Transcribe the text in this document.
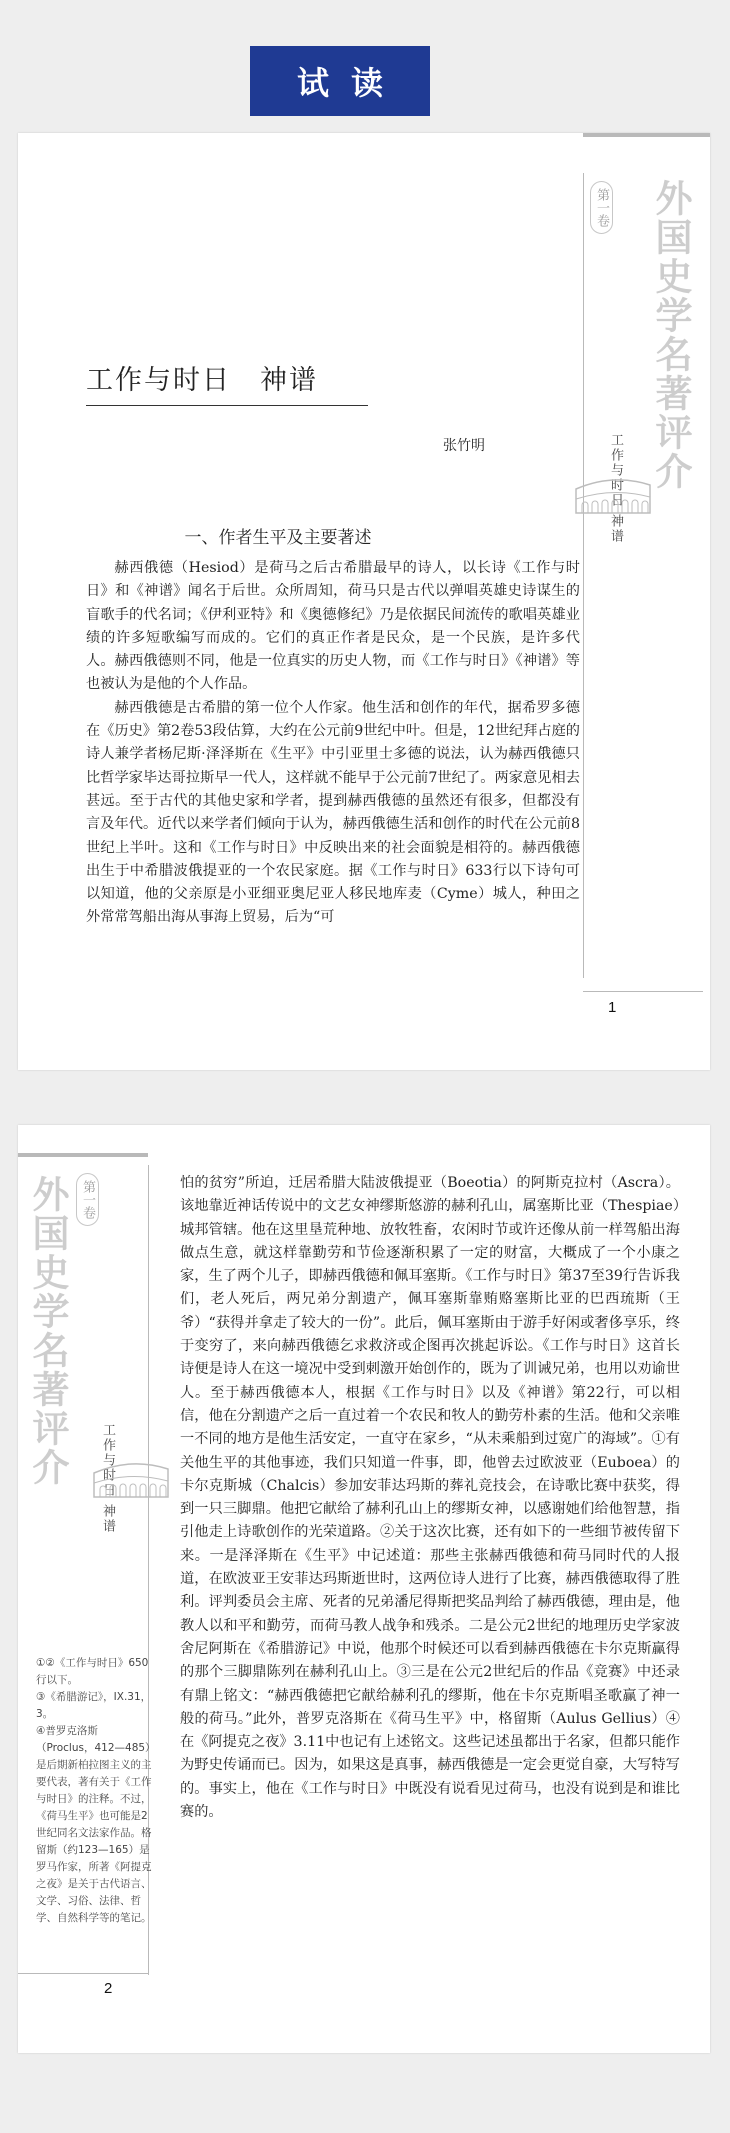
试读
第一卷 外国史学名著评介
工作与时日 神谱
工作与时日　神谱
张竹明
一、作者生平及主要著述

赫西俄德（Hesiod）是荷马之后古希腊最早的诗人，以长诗《工作与时日》和《神谱》闻名于后世。众所周知，荷马只是古代以弹唱英雄史诗谋生的盲歌手的代名词；《伊利亚特》和《奥德修纪》乃是依据民间流传的歌唱英雄业绩的许多短歌编写而成的。它们的真正作者是民众，是一个民族，是许多代人。赫西俄德则不同，他是一位真实的历史人物，而《工作与时日》《神谱》等也被认为是他的个人作品。

赫西俄德是古希腊的第一位个人作家。他生活和创作的年代，据希罗多德在《历史》第2卷53段估算，大约在公元前9世纪中叶。但是，12世纪拜占庭的诗人兼学者杨尼斯·泽泽斯在《生平》中引亚里士多德的说法，认为赫西俄德只比哲学家毕达哥拉斯早一代人，这样就不能早于公元前7世纪了。两家意见相去甚远。至于古代的其他史家和学者，提到赫西俄德的虽然还有很多，但都没有言及年代。近代以来学者们倾向于认为，赫西俄德生活和创作的时代在公元前8世纪上半叶。这和《工作与时日》中反映出来的社会面貌是相符的。赫西俄德出生于中希腊波俄提亚的一个农民家庭。据《工作与时日》633行以下诗句可以知道，他的父亲原是小亚细亚奥尼亚人移民地库麦（Cyme）城人，种田之外常常驾船出海从事海上贸易，后为“可

1
第一卷
外国史学名著评介	工作与时日 神谱
①②《工作与时日》650行以下。
③《希腊游记》，IX.31，3。
④普罗克洛斯（Proclus，412—485）是后期新柏拉图主义的主要代表，著有关于《工作与时日》的注释。不过，《荷马生平》也可能是2世纪同名文法家作品。格留斯（约123—165）是罗马作家，所著《阿提克之夜》是关于古代语言、文学、习俗、法律、哲学、自然科学等的笔记。

怕的贫穷”所迫，迁居希腊大陆波俄提亚（Boeotia）的阿斯克拉村（Ascra）。该地靠近神话传说中的文艺女神缪斯悠游的赫利孔山，属塞斯比亚（Thespiae）城邦管辖。他在这里垦荒种地、放牧牲畜，农闲时节或许还像从前一样驾船出海做点生意，就这样靠勤劳和节俭逐渐积累了一定的财富，大概成了一个小康之家，生了两个儿子，即赫西俄德和佩耳塞斯。《工作与时日》第37至39行告诉我们，老人死后，两兄弟分割遗产，佩耳塞斯靠贿赂塞斯比亚的巴西琉斯（王爷）“获得并拿走了较大的一份”。此后，佩耳塞斯由于游手好闲或奢侈享乐，终于变穷了，来向赫西俄德乞求救济或企图再次挑起诉讼。《工作与时日》这首长诗便是诗人在这一境况中受到刺激开始创作的，既为了训诫兄弟，也用以劝谕世人。至于赫西俄德本人，根据《工作与时日》以及《神谱》第22行，可以相信，他在分割遗产之后一直过着一个农民和牧人的勤劳朴素的生活。他和父亲唯一不同的地方是他生活安定，一直守在家乡，“从未乘船到过宽广的海域”。①有关他生平的其他事迹，我们只知道一件事，即，他曾去过欧波亚（Euboea）的卡尔克斯城（Chalcis）参加安菲达玛斯的葬礼竞技会，在诗歌比赛中获奖，得到一只三脚鼎。他把它献给了赫利孔山上的缪斯女神，以感谢她们给他智慧，指引他走上诗歌创作的光荣道路。②关于这次比赛，还有如下的一些细节被传留下来。一是泽泽斯在《生平》中记述道：那些主张赫西俄德和荷马同时代的人报道，在欧波亚王安菲达玛斯逝世时，这两位诗人进行了比赛，赫西俄德取得了胜利。评判委员会主席、死者的兄弟潘尼得斯把奖品判给了赫西俄德，理由是，他教人以和平和勤劳，而荷马教人战争和残杀。二是公元2世纪的地理历史学家波舍尼阿斯在《希腊游记》中说，他那个时候还可以看到赫西俄德在卡尔克斯赢得的那个三脚鼎陈列在赫利孔山上。③三是在公元2世纪后的作品《竞赛》中还录有鼎上铭文：“赫西俄德把它献给赫利孔的缪斯，他在卡尔克斯唱圣歌赢了神一般的荷马。”此外，普罗克洛斯在《荷马生平》中，格留斯（Aulus Gellius）④在《阿提克之夜》3.11中也记有上述铭文。这些记述虽都出于名家，但都只能作为野史传诵而已。因为，如果这是真事，赫西俄德是一定会更觉自豪，大写特写的。事实上，他在《工作与时日》中既没有说看见过荷马，也没有说到是和谁比赛的。

2
